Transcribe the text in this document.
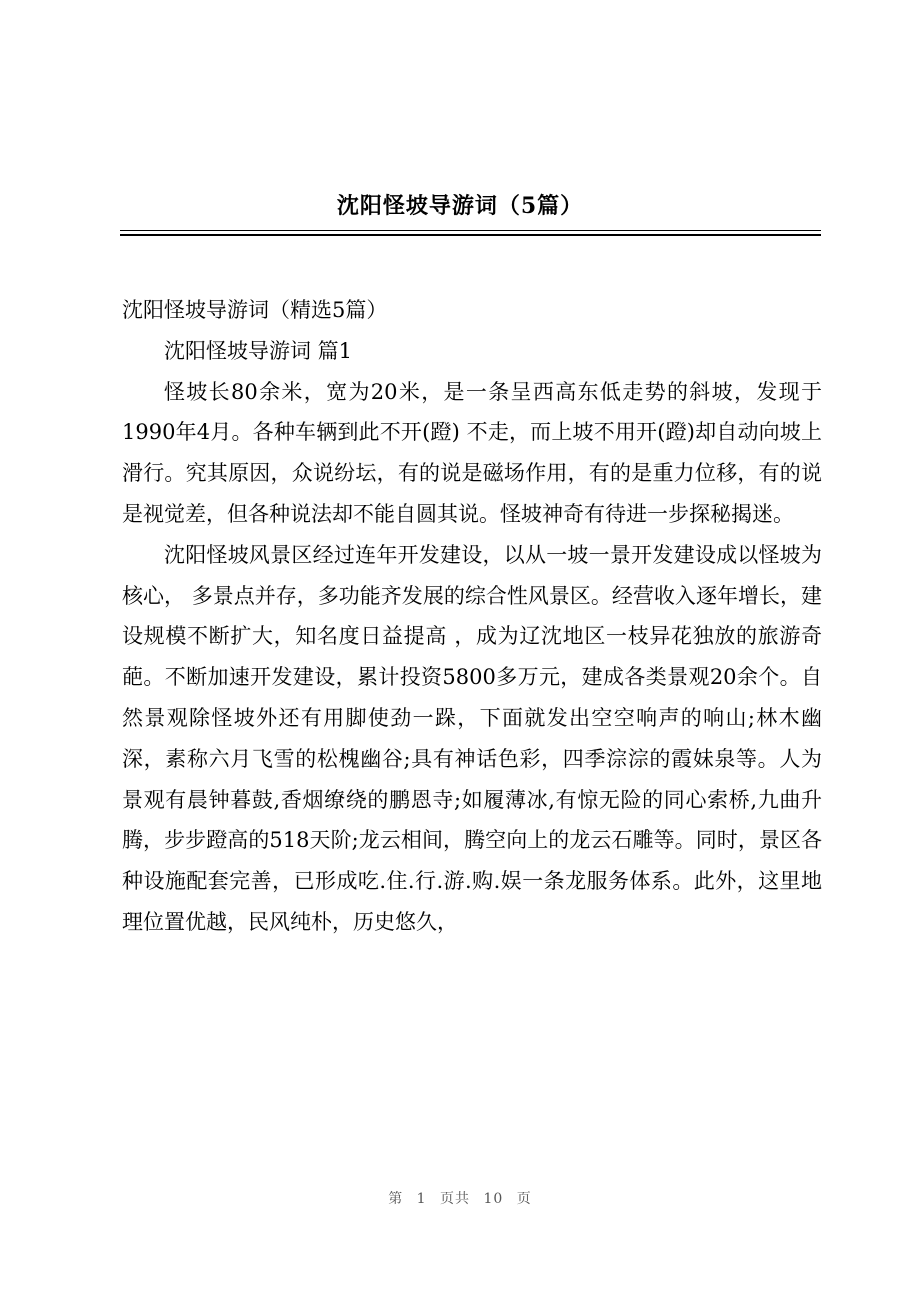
沈阳怪坡导游词（5篇）

沈阳怪坡导游词（精选5篇）

沈阳怪坡导游词 篇1

怪坡长80余米，宽为20米，是一条呈西高东低走势的斜坡，发现于1990年4月。各种车辆到此不开(蹬) 不走，而上坡不用开(蹬)却自动向坡上滑行。究其原因，众说纷坛，有的说是磁场作用，有的是重力位移，有的说是视觉差，但各种说法却不能自圆其说。怪坡神奇有待进一步探秘揭迷。

沈阳怪坡风景区经过连年开发建设，以从一坡一景开发建设成以怪坡为核心， 多景点并存，多功能齐发展的综合性风景区。经营收入逐年增长，建设规模不断扩大，知名度日益提高 ，成为辽沈地区一枝异花独放的旅游奇葩。不断加速开发建设，累计投资5800多万元，建成各类景观20余个。自然景观除怪坡外还有用脚使劲一跺，下面就发出空空响声的响山;林木幽深，素称六月飞雪的松槐幽谷;具有神话色彩，四季淙淙的霞妹泉等。人为景观有晨钟暮鼓,香烟缭绕的鹏恩寺;如履薄冰,有惊无险的同心索桥,九曲升腾，步步蹬高的518天阶;龙云相间，腾空向上的龙云石雕等。同时，景区各种设施配套完善，已形成吃.住.行.游.购.娱一条龙服务体系。此外，这里地理位置优越，民风纯朴，历史悠久，

第 1 页共 10 页
